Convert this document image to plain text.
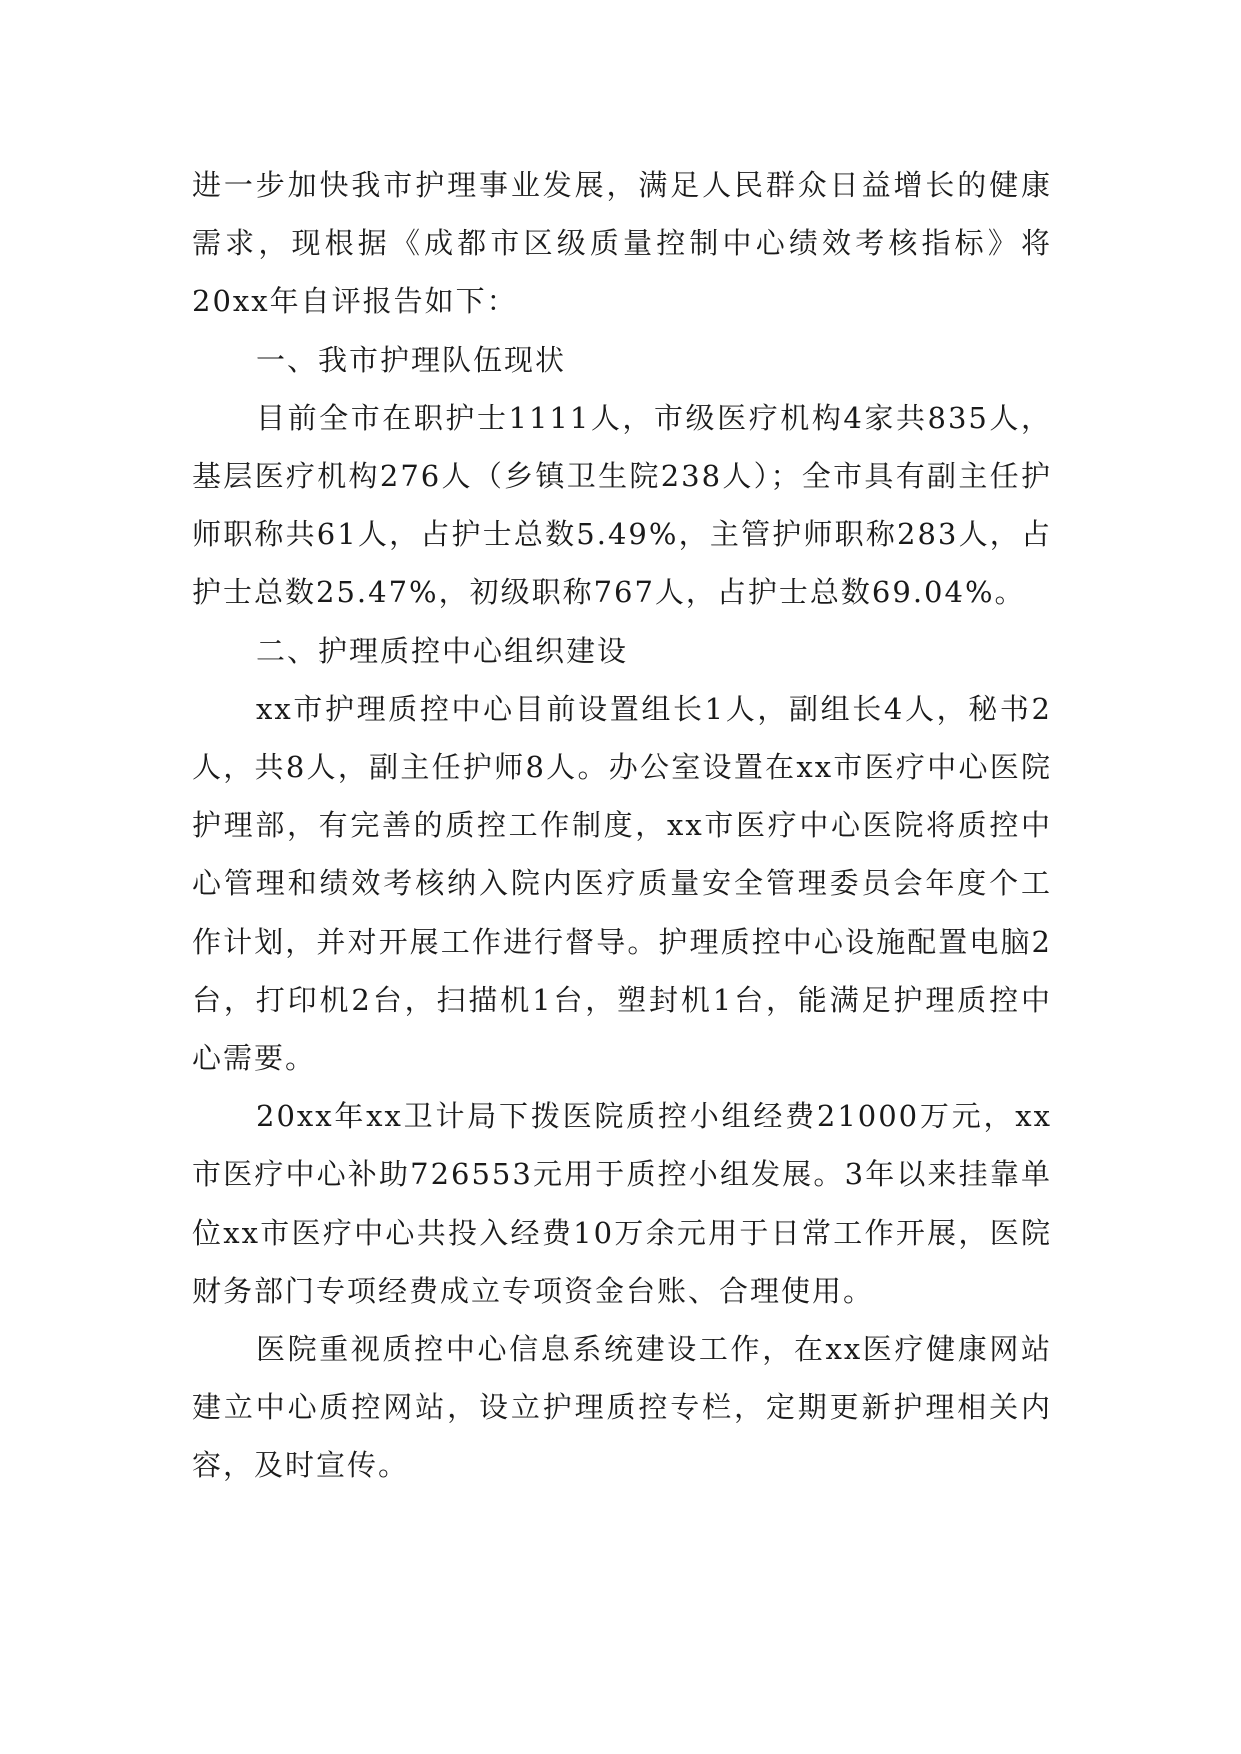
进一步加快我市护理事业发展，满足人民群众日益增长的健康需求，现根据《成都市区级质量控制中心绩效考核指标》将20xx年自评报告如下：

一、我市护理队伍现状

目前全市在职护士1111人，市级医疗机构4家共835人，基层医疗机构276人（乡镇卫生院238人）；全市具有副主任护师职称共61人，占护士总数5.49%，主管护师职称283人，占护士总数25.47%，初级职称767人，占护士总数69.04%。

二、护理质控中心组织建设

xx市护理质控中心目前设置组长1人，副组长4人，秘书2人，共8人，副主任护师8人。办公室设置在xx市医疗中心医院护理部，有完善的质控工作制度，xx市医疗中心医院将质控中心管理和绩效考核纳入院内医疗质量安全管理委员会年度个工作计划，并对开展工作进行督导。护理质控中心设施配置电脑2台，打印机2台，扫描机1台，塑封机1台，能满足护理质控中心需要。

20xx年xx卫计局下拨医院质控小组经费21000万元，xx市医疗中心补助726553元用于质控小组发展。3年以来挂靠单位xx市医疗中心共投入经费10万余元用于日常工作开展，医院财务部门专项经费成立专项资金台账、合理使用。

医院重视质控中心信息系统建设工作，在xx医疗健康网站建立中心质控网站，设立护理质控专栏，定期更新护理相关内容，及时宣传。
